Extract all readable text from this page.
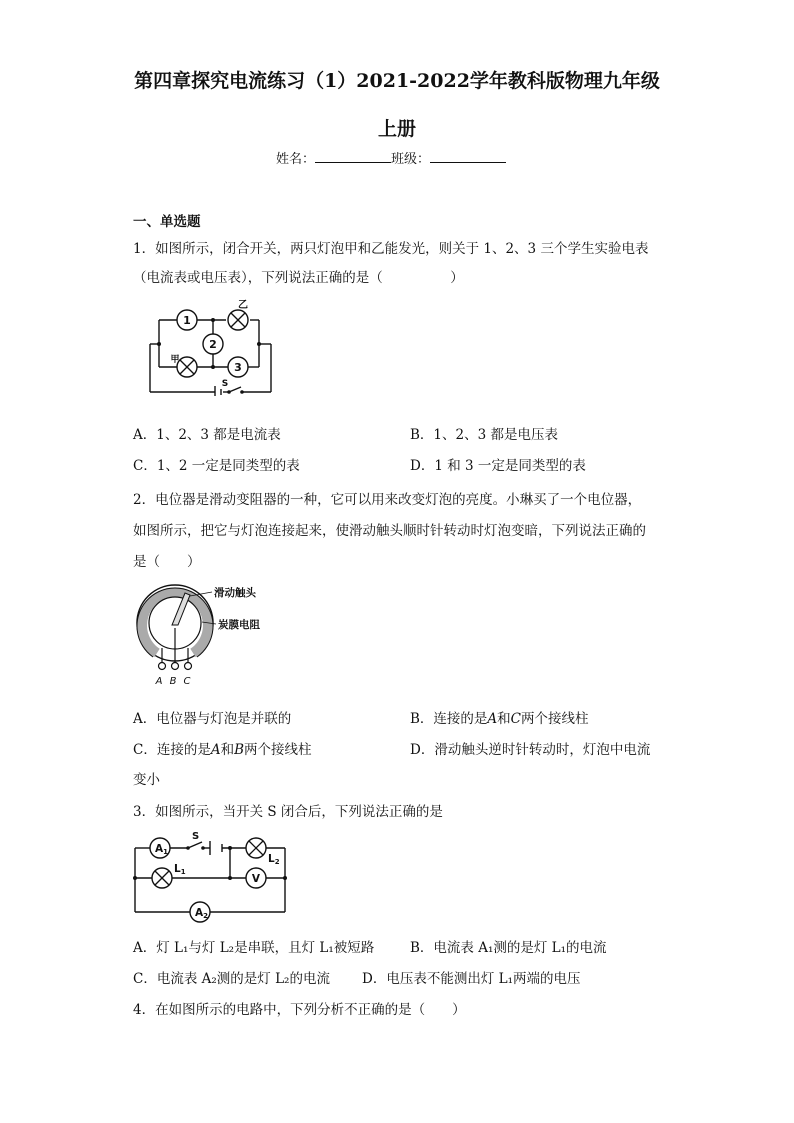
第四章探究电流练习（1）2021-2022学年教科版物理九年级
上册
姓名：	班级：
一、单选题
1．如图所示，闭合开关，两只灯泡甲和乙能发光，则关于 1、2、3 三个学生实验电表
（电流表或电压表），下列说法正确的是（　　　　　）
1
2
3
乙
甲
S
A．1、2、3 都是电流表	B．1、2、3 都是电压表
C．1、2 一定是同类型的表	D．1 和 3 一定是同类型的表
2．电位器是滑动变阻器的一种，它可以用来改变灯泡的亮度。小琳买了一个电位器，
如图所示，把它与灯泡连接起来，使滑动触头顺时针转动时灯泡变暗，下列说法正确的
是（　　）
滑动触头
炭膜电阻
A B C
A．电位器与灯泡是并联的	B．连接的是A和C两个接线柱
C．连接的是A和B两个接线柱	D．滑动触头逆时针转动时，灯泡中电流
变小
3．如图所示，当开关 S 闭合后，下列说法正确的是
A1
A2
V
S
L1
L2
A．灯 L₁与灯 L₂是串联，且灯 L₁被短路	B．电流表 A₁测的是灯 L₁的电流
C．电流表 A₂测的是灯 L₂的电流 D．电压表不能测出灯 L₁两端的电压
4．在如图所示的电路中，下列分析不正确的是（　　）
